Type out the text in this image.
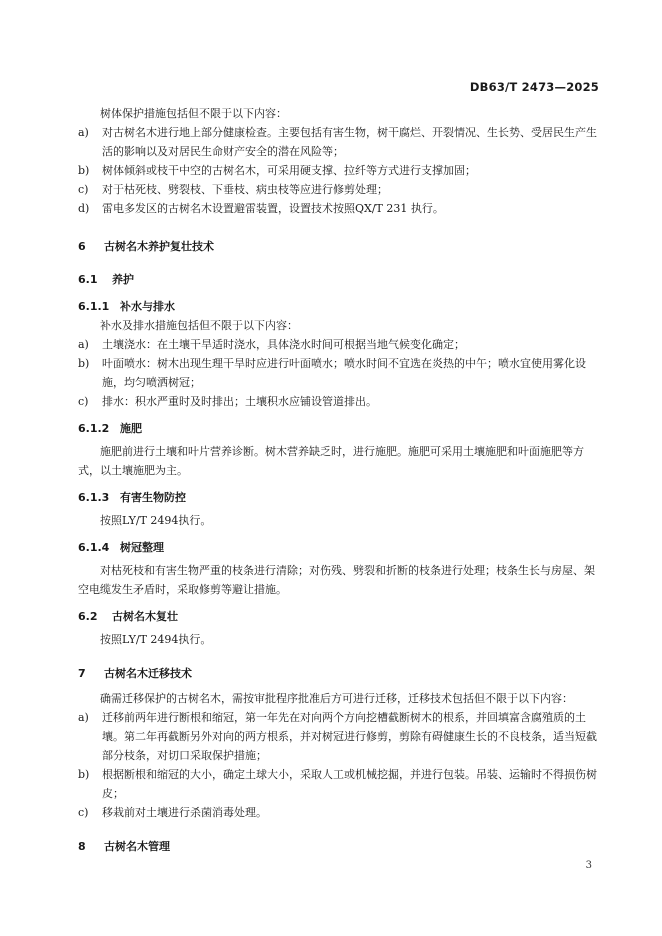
DB63/T 2473—2025

树体保护措施包括但不限于以下内容：

a)	对古树名木进行地上部分健康检查。主要包括有害生物，树干腐烂、开裂情况、生长势、受居民生产生活的影响以及对居民生命财产安全的潜在风险等；
b)	树体倾斜或枝干中空的古树名木，可采用硬支撑、拉纤等方式进行支撑加固；
c)	对于枯死枝、劈裂枝、下垂枝、病虫枝等应进行修剪处理；
d)	雷电多发区的古树名木设置避雷装置，设置技术按照QX/T 231 执行。
6 古树名木养护复壮技术
6.1 养护
6.1.1 补水与排水

补水及排水措施包括但不限于以下内容：

a)	土壤浇水：在土壤干旱适时浇水，具体浇水时间可根据当地气候变化确定；
b)	叶面喷水：树木出现生理干旱时应进行叶面喷水；喷水时间不宜选在炎热的中午；喷水宜使用雾化设施，均匀喷洒树冠；
c)	排水：积水严重时及时排出；土壤积水应铺设管道排出。
6.1.2 施肥

施肥前进行土壤和叶片营养诊断。树木营养缺乏时，进行施肥。施肥可采用土壤施肥和叶面施肥等方式，以土壤施肥为主。

6.1.3 有害生物防控

按照LY/T 2494执行。

6.1.4 树冠整理

对枯死枝和有害生物严重的枝条进行清除；对伤残、劈裂和折断的枝条进行处理；枝条生长与房屋、架空电缆发生矛盾时，采取修剪等避让措施。

6.2 古树名木复壮

按照LY/T 2494执行。

7 古树名木迁移技术

确需迁移保护的古树名木，需按审批程序批准后方可进行迁移，迁移技术包括但不限于以下内容：

a)	迁移前两年进行断根和缩冠，第一年先在对向两个方向挖槽截断树木的根系，并回填富含腐殖质的土壤。第二年再截断另外对向的两方根系，并对树冠进行修剪，剪除有碍健康生长的不良枝条，适当短截部分枝条，对切口采取保护措施；
b)	根据断根和缩冠的大小，确定土球大小，采取人工或机械挖掘，并进行包装。吊装、运输时不得损伤树皮；
c)	移栽前对土壤进行杀菌消毒处理。
8 古树名木管理
3
